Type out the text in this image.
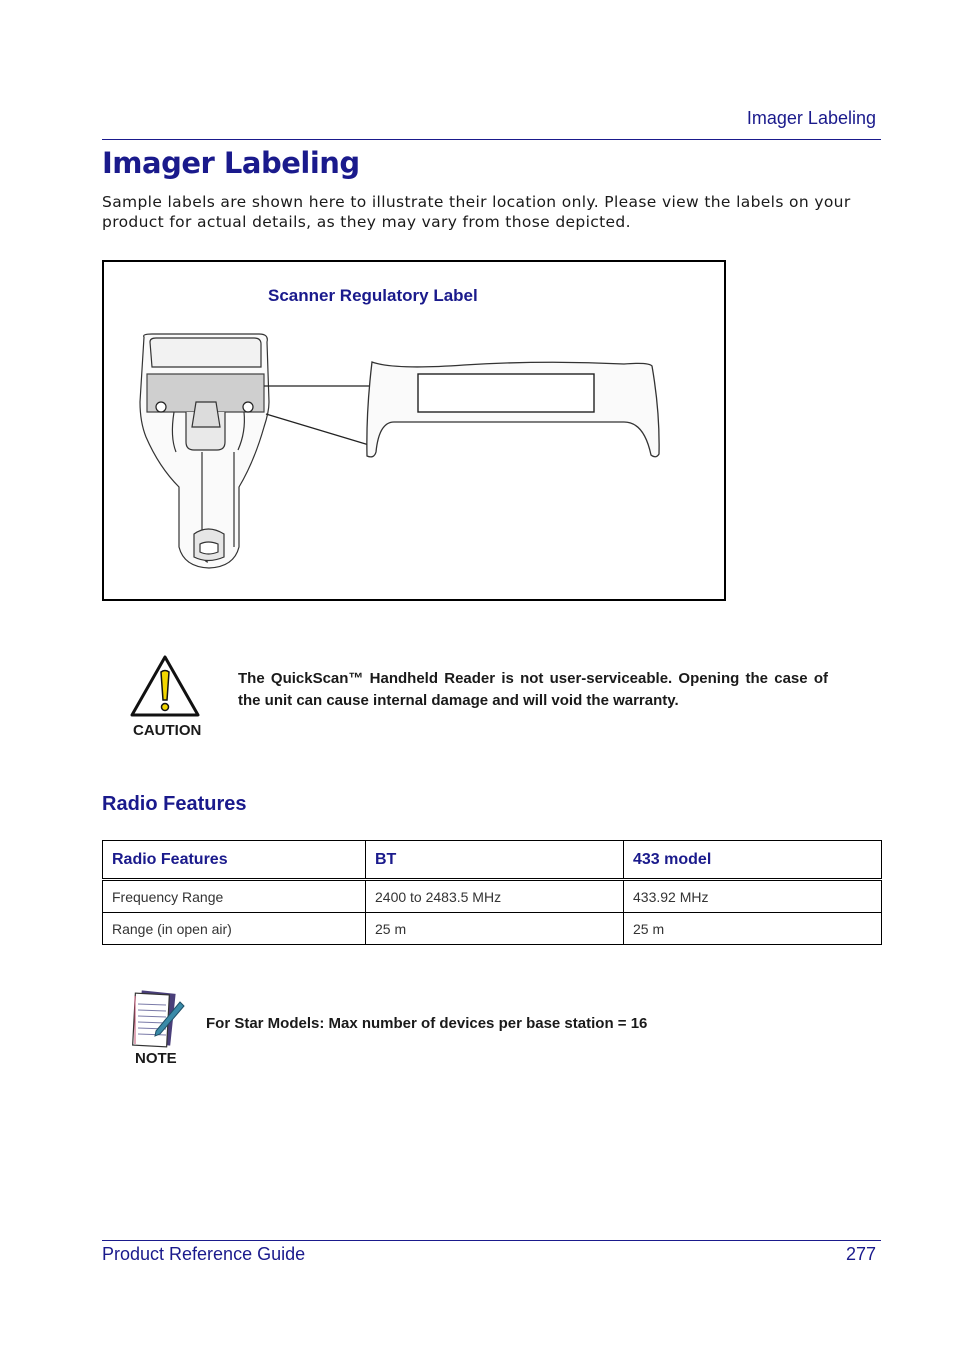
Imager Labeling
Imager Labeling

Sample labels are shown here to illustrate their location only. Please view the labels on your product for actual details, as they may vary from those depicted.

Scanner Regulatory Label
CAUTION

The QuickScan™ Handheld Reader is not user-serviceable. Opening the case of the unit can cause internal damage and will void the warranty.

Radio Features
Radio Features	BT	433 model
Frequency Range	2400 to 2483.5 MHz	433.92 MHz
Range (in open air)	25 m	25 m
NOTE

For Star Models: Max number of devices per base station = 16

Product Reference Guide	277
